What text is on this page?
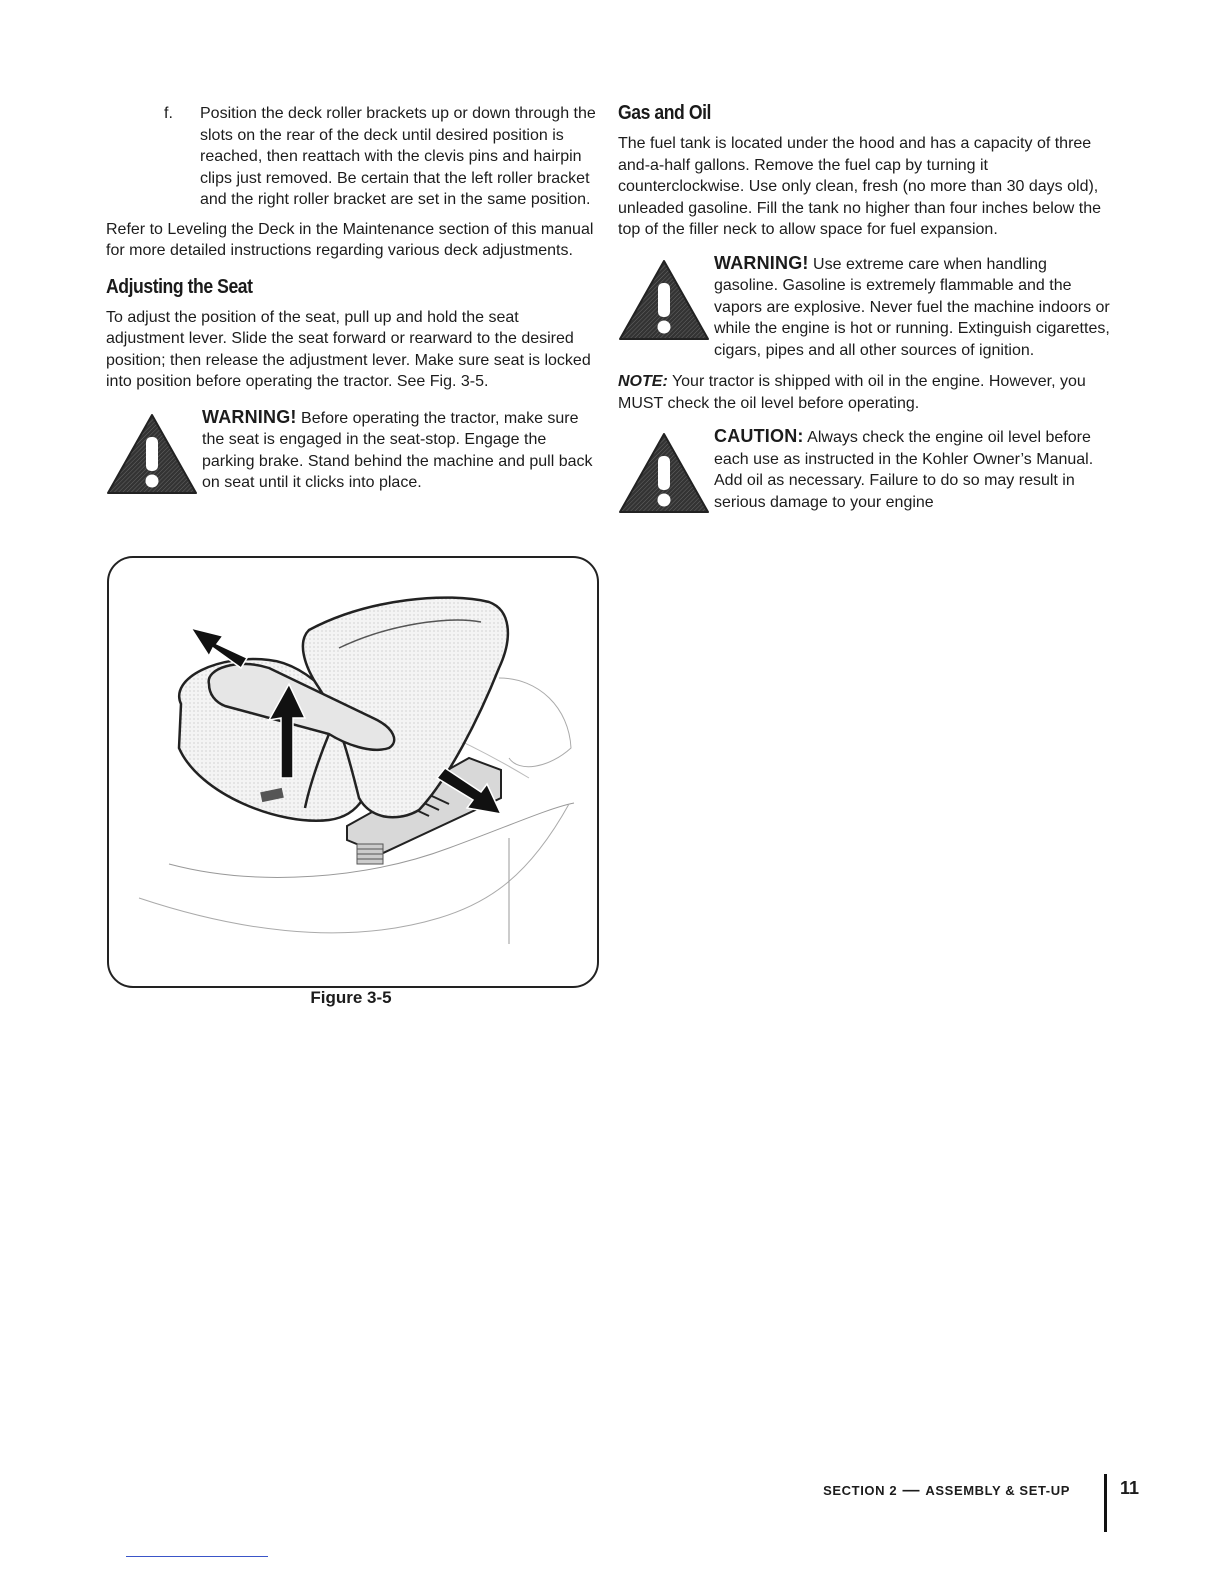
f. Position the deck roller brackets up or down through the slots on the rear of the deck until desired position is reached, then reattach with the clevis pins and hairpin clips just removed. Be certain that the left roller bracket and the right roller bracket are set in the same position.

Refer to Leveling the Deck in the Maintenance section of this manual for more detailed instructions regarding various deck adjustments.

Adjusting the Seat

To adjust the position of the seat, pull up and hold the seat adjustment lever. Slide the seat forward or rearward to the desired position; then release the adjustment lever. Make sure seat is locked into position before operating the tractor. See Fig. 3-5.

WARNING! Before operating the tractor, make sure the seat is engaged in the seat-stop. Engage the parking brake. Stand behind the machine and pull back on seat until it clicks into place.

Figure 3-5
Gas and Oil

The fuel tank is located under the hood and has a capacity of three and-a-half gallons. Remove the fuel cap by turning it counterclockwise. Use only clean, fresh (no more than 30 days old), unleaded gasoline. Fill the tank no higher than four inches below the top of the filler neck to allow space for fuel expansion.

WARNING! Use extreme care when handling gasoline. Gasoline is extremely flammable and the vapors are explosive. Never fuel the machine indoors or while the engine is hot or running. Extinguish cigarettes, cigars, pipes and all other sources of ignition.

NOTE: Your tractor is shipped with oil in the engine. However, you MUST check the oil level before operating.

CAUTION: Always check the engine oil level before each use as instructed in the Kohler Owner’s Manual. Add oil as necessary. Failure to do so may result in serious damage to your engine

SECTION 2 — ASSEMBLY & SET-UP	11
